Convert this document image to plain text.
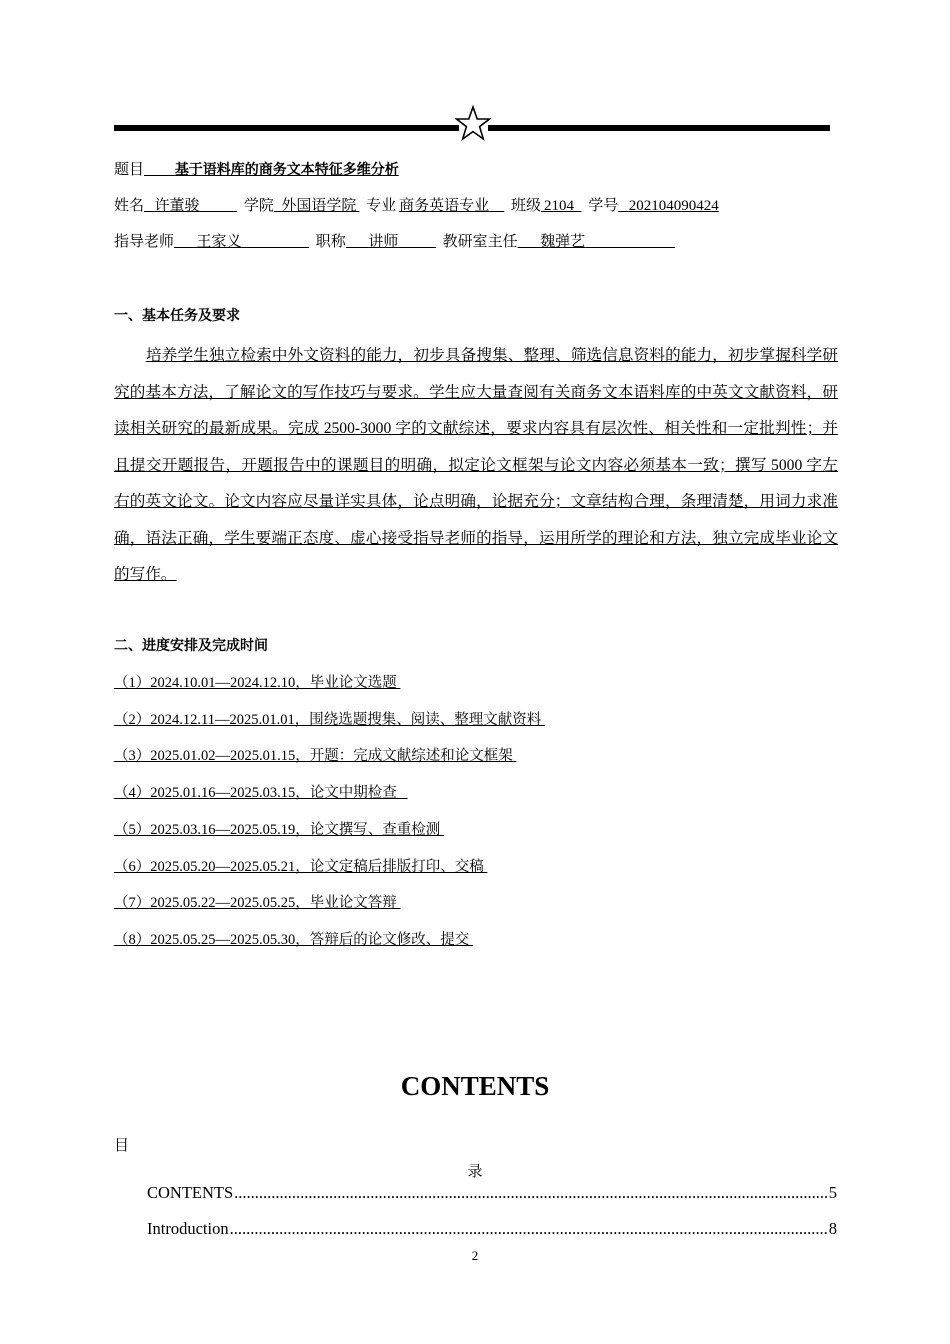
题目    基于语料库的商务文本特征多维分析
姓名   许董骏     	学院  外国语学院    专业  商务英语专业    班级  2104    学号   202104090424
指导老师   王家义       	职称   讲师     	教研室主任   魏弹艺      
一、基本任务及要求
培养学生独立检索中外文资料的能力，初步具备搜集、整理、筛选信息资料的能力，初步掌握科学研究的基本方法，了解论文的写作技巧与要求。学生应大量查阅有关商务文本语料库的中英文文献资料，研读相关研究的最新成果。完成 2500-3000 字的文献综述，要求内容具有层次性、相关性和一定批判性；并且提交开题报告，开题报告中的课题目的明确，拟定论文框架与论文内容必须基本一致；撰写 5000 字左右的英文论文。论文内容应尽量详实具体，论点明确，论据充分；文章结构合理，条理清楚，用词力求准确，语法正确，学生要端正态度、虚心接受指导老师的指导，运用所学的理论和方法，独立完成毕业论文的写作。
二、进度安排及完成时间
（1）2024.10.01—2024.12.10，毕业论文选题
（2）2024.12.11—2025.01.01，围绕选题搜集、阅读、整理文献资料
（3）2025.01.02—2025.01.15，开题：完成文献综述和论文框架
（4）2025.01.16—2025.03.15，论文中期检查
（5）2025.03.16—2025.05.19，论文撰写、查重检测
（6）2025.05.20—2025.05.21，论文定稿后排版打印、交稿
（7）2025.05.22—2025.05.25，毕业论文答辩
（8）2025.05.25—2025.05.30，答辩后的论文修改、提交
CONTENTS
目
录
CONTENTS .....	5
Introduction .....	8
2
